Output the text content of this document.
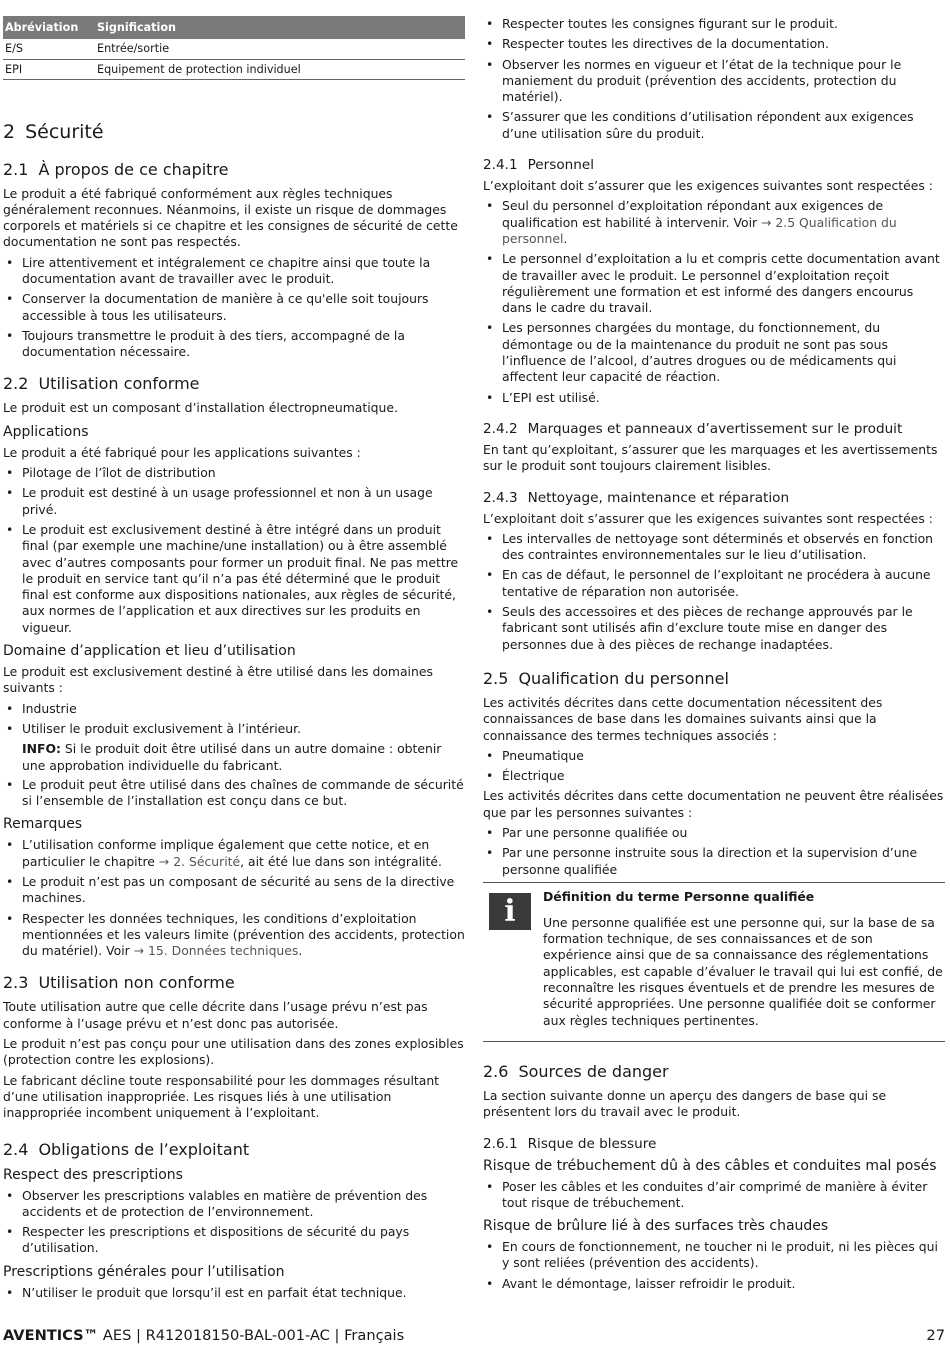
Abréviation	Signification
E/S	Entrée/sortie
EPI	Equipement de protection individuel
2 Sécurité
2.1 À propos de ce chapitre

Le produit a été fabriqué conformément aux règles techniques généralement reconnues. Néanmoins, il existe un risque de dommages corporels et matériels si ce chapitre et les consignes de sécurité de cette documentation ne sont pas respectés.

• Lire attentivement et intégralement ce chapitre ainsi que toute la documentation avant de travailler avec le produit.
• Conserver la documentation de manière à ce qu'elle soit toujours accessible à tous les utilisateurs.
• Toujours transmettre le produit à des tiers, accompagné de la documentation nécessaire.
2.2 Utilisation conforme

Le produit est un composant d’installation électropneumatique.

Applications

Le produit a été fabriqué pour les applications suivantes :

• Pilotage de l’îlot de distribution
• Le produit est destiné à un usage professionnel et non à un usage privé.
• Le produit est exclusivement destiné à être intégré dans un produit final (par exemple une machine/une installation) ou à être assemblé avec d’autres composants pour former un produit final. Ne pas mettre le produit en service tant qu’il n’a pas été déterminé que le produit final est conforme aux dispositions nationales, aux règles de sécurité, aux normes de l’application et aux directives sur les produits en vigueur.
Domaine d’application et lieu d’utilisation

Le produit est exclusivement destiné à être utilisé dans les domaines suivants :

• Industrie
• Utiliser le produit exclusivement à l’intérieur.

INFO: Si le produit doit être utilisé dans un autre domaine : obtenir une approbation individuelle du fabricant.

• Le produit peut être utilisé dans des chaînes de commande de sécurité si l’ensemble de l’installation est conçu dans ce but.
Remarques
• L’utilisation conforme implique également que cette notice, et en particulier le chapitre → 2. Sécurité, ait été lue dans son intégralité.
• Le produit n’est pas un composant de sécurité au sens de la directive machines.
• Respecter les données techniques, les conditions d’exploitation mentionnées et les valeurs limite (prévention des accidents, protection du matériel). Voir → 15. Données techniques.
2.3 Utilisation non conforme

Toute utilisation autre que celle décrite dans l’usage prévu n’est pas conforme à l’usage prévu et n’est donc pas autorisée.

Le produit n’est pas conçu pour une utilisation dans des zones explosibles (protection contre les explosions).

Le fabricant décline toute responsabilité pour les dommages résultant d’une utilisation inappropriée. Les risques liés à une utilisation inappropriée incombent uniquement à l’exploitant.

2.4 Obligations de l’exploitant
Respect des prescriptions
• Observer les prescriptions valables en matière de prévention des accidents et de protection de l’environnement.
• Respecter les prescriptions et dispositions de sécurité du pays d’utilisation.
Prescriptions générales pour l’utilisation
• N’utiliser le produit que lorsqu’il est en parfait état technique.
• Respecter toutes les consignes figurant sur le produit.
• Respecter toutes les directives de la documentation.
• Observer les normes en vigueur et l’état de la technique pour le maniement du produit (prévention des accidents, protection du matériel).
• S’assurer que les conditions d’utilisation répondent aux exigences d’une utilisation sûre du produit.
2.4.1 Personnel

L’exploitant doit s’assurer que les exigences suivantes sont respectées :

• Seul du personnel d’exploitation répondant aux exigences de qualification est habilité à intervenir. Voir → 2.5 Qualification du personnel.
• Le personnel d’exploitation a lu et compris cette documentation avant de travailler avec le produit. Le personnel d’exploitation reçoit régulièrement une formation et est informé des dangers encourus dans le cadre du travail.
• Les personnes chargées du montage, du fonctionnement, du démontage ou de la maintenance du produit ne sont pas sous l’influence de l’alcool, d’autres drogues ou de médicaments qui affectent leur capacité de réaction.
• L’EPI est utilisé.
2.4.2 Marquages et panneaux d’avertissement sur le produit

En tant qu’exploitant, s’assurer que les marquages et les avertissements sur le produit sont toujours clairement lisibles.

2.4.3 Nettoyage, maintenance et réparation

L’exploitant doit s’assurer que les exigences suivantes sont respectées :

• Les intervalles de nettoyage sont déterminés et observés en fonction des contraintes environnementales sur le lieu d’utilisation.
• En cas de défaut, le personnel de l’exploitant ne procédera à aucune tentative de réparation non autorisée.
• Seuls des accessoires et des pièces de rechange approuvés par le fabricant sont utilisés afin d’exclure toute mise en danger des personnes due à des pièces de rechange inadaptées.
2.5 Qualification du personnel

Les activités décrites dans cette documentation nécessitent des connaissances de base dans les domaines suivants ainsi que la connaissance des termes techniques associés :

• Pneumatique
• Électrique

Les activités décrites dans cette documentation ne peuvent être réalisées que par les personnes suivantes :

• Par une personne qualifiée ou
• Par une personne instruite sous la direction et la supervision d’une personne qualifiée
i	Définition du terme Personne qualifiée

Une personne qualifiée est une personne qui, sur la base de sa formation technique, de ses connaissances et de son expérience ainsi que de sa connaissance des réglementations applicables, est capable d’évaluer le travail qui lui est confié, de reconnaître les risques éventuels et de prendre les mesures de sécurité appropriées. Une personne qualifiée doit se conformer aux règles techniques pertinentes.

2.6 Sources de danger

La section suivante donne un aperçu des dangers de base qui se présentent lors du travail avec le produit.

2.6.1 Risque de blessure
Risque de trébuchement dû à des câbles et conduites mal posés
• Poser les câbles et les conduites d’air comprimé de manière à éviter tout risque de trébuchement.
Risque de brûlure lié à des surfaces très chaudes
• En cours de fonctionnement, ne toucher ni le produit, ni les pièces qui y sont reliées (prévention des accidents).
• Avant le démontage, laisser refroidir le produit.
AVENTICS™ AES | R412018150-BAL-001-AC | Français	27
